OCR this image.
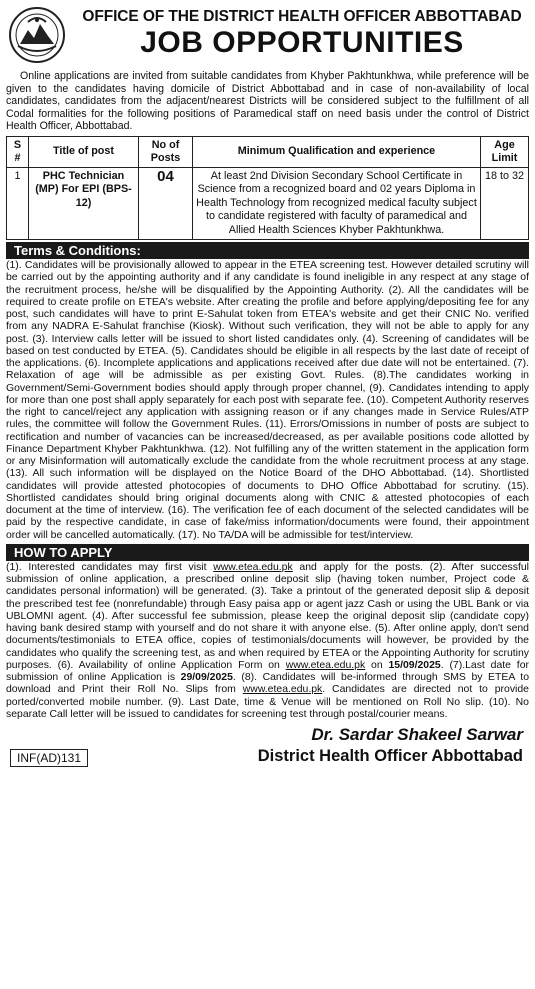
OFFICE OF THE DISTRICT HEALTH OFFICER ABBOTTABAD
JOB OPPORTUNITIES

Online applications are invited from suitable candidates from Khyber Pakhtunkhwa, while preference will be given to the candidates having domicile of District Abbottabad and in case of non-availability of local candidates, candidates from the adjacent/nearest Districts will be considered subject to the fulfillment of all Codal formalities for the following positions of Paramedical staff on need basis under the control of District Health Officer, Abbottabad.

S #	Title of post	No of Posts	Minimum Qualification and experience	Age Limit
1	PHC Technician (MP) For EPI (BPS-12)	04	At least 2nd Division Secondary School Certificate in Science from a recognized board and 02 years Diploma in Health Technology from recognized medical faculty subject to candidate registered with faculty of paramedical and Allied Health Sciences Khyber Pakhtunkhwa.	18 to 32
Terms & Conditions:

(1). Candidates will be provisionally allowed to appear in the ETEA screening test. However detailed scrutiny will be carried out by the appointing authority and if any candidate is found ineligible in any respect at any stage of the recruitment process, he/she will be disqualified by the Appointing Authority. (2). All the candidates will be required to create profile on ETEA's website. After creating the profile and before applying/depositing fee for any post, such candidates will have to print E-Sahulat token from ETEA's website and get their CNIC No. verified from any NADRA E-Sahulat franchise (Kiosk). Without such verification, they will not be able to apply for any post. (3). Interview calls letter will be issued to short listed candidates only. (4). Screening of candidates will be based on test conducted by ETEA. (5). Candidates should be eligible in all respects by the last date of receipt of the applications. (6). Incomplete applications and applications received after due date will not be entertained. (7). Relaxation of age will be admissible as per existing Govt. Rules. (8).The candidates working in Government/Semi-Government bodies should apply through proper channel, (9). Candidates intending to apply for more than one post shall apply separately for each post with separate fee. (10). Competent Authority reserves the right to cancel/reject any application with assigning reason or if any changes made in Service Rules/ATP rules, the committee will follow the Government Rules. (11). Errors/Omissions in number of posts are subject to rectification and number of vacancies can be increased/decreased, as per available positions code allotted by Finance Department Khyber Pakhtunkhwa. (12). Not fulfilling any of the written statement in the application form or any Misinformation will automatically exclude the candidate from the whole recruitment process at any stage. (13). All such information will be displayed on the Notice Board of the DHO Abbottabad. (14). Shortlisted candidates will provide attested photocopies of documents to DHO Office Abbottabad for scrutiny. (15). Shortlisted candidates should bring original documents along with CNIC & attested photocopies of each document at the time of interview. (16). The verification fee of each document of the selected candidates will be paid by the respective candidate, in case of fake/miss information/documents were found, their appointment order will be cancelled automatically. (17). No TA/DA will be admissible for test/interview.

HOW TO APPLY

(1). Interested candidates may first visit www.etea.edu.pk and apply for the posts. (2). After successful submission of online application, a prescribed online deposit slip (having token number, Project code & candidates personal information) will be generated. (3). Take a printout of the generated deposit slip & deposit the prescribed test fee (nonrefundable) through Easy paisa app or agent jazz Cash or using the UBL Bank or via UBLOMNI agent. (4). After successful fee submission, please keep the original deposit slip (candidate copy) having bank desired stamp with yourself and do not share it with anyone else. (5). After online apply, don't send documents/testimonials to ETEA office, copies of testimonials/documents will however, be provided by the candidates who qualify the screening test, as and when required by ETEA or the Appointing Authority for scrutiny purposes. (6). Availability of online Application Form on www.etea.edu.pk on 15/09/2025. (7).Last date for submission of online Application is 29/09/2025. (8). Candidates will be-informed through SMS by ETEA to download and Print their Roll No. Slips from www.etea.edu.pk. Candidates are directed not to provide ported/converted mobile number. (9). Last Date, time & Venue will be mentioned on Roll No slip. (10). No separate Call letter will be issued to candidates for screening test through postal/courier means.

INF(AD)131
Dr. Sardar Shakeel Sarwar
District Health Officer Abbottabad
